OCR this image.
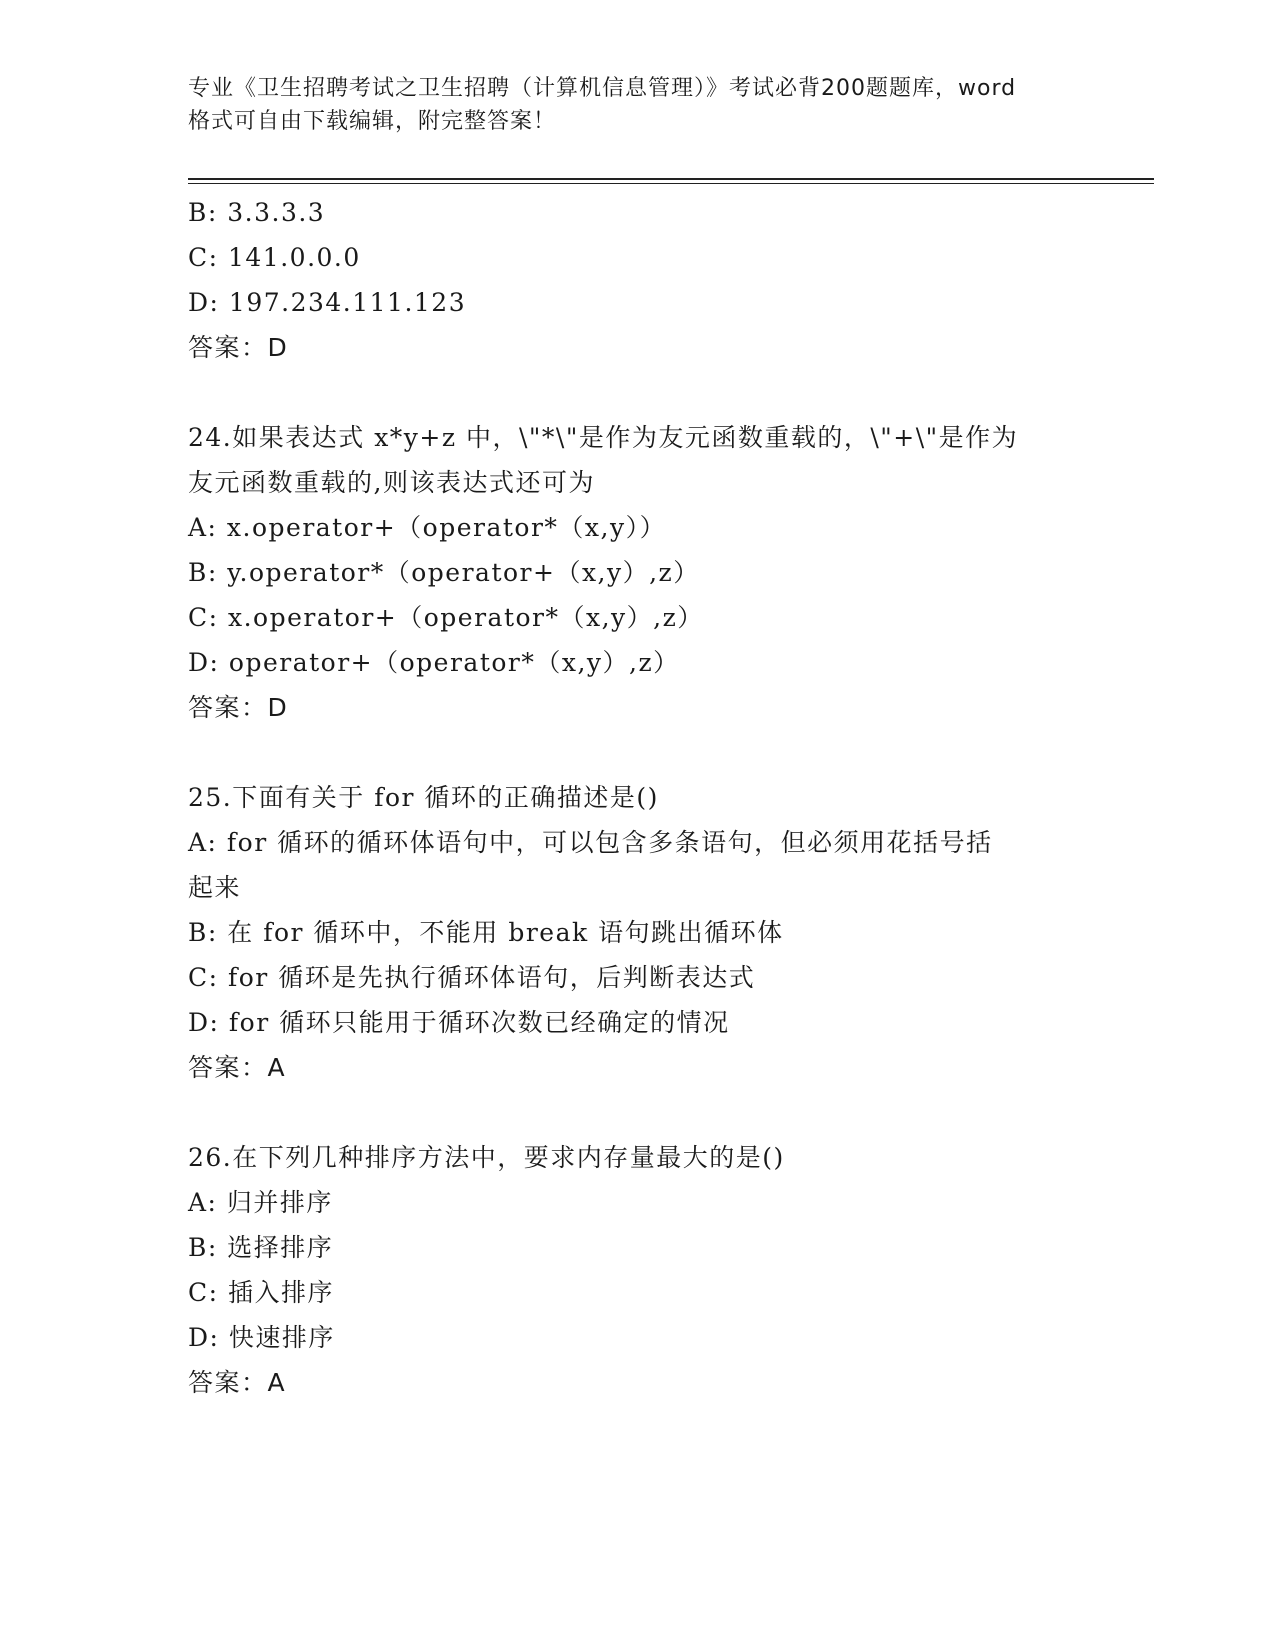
专业《卫生招聘考试之卫生招聘（计算机信息管理）》考试必背200题题库，word
格式可自由下载编辑，附完整答案！
B: 3.3.3.3
C: 141.0.0.0
D: 197.234.111.123
答案：D
24.如果表达式 x*y+z 中，\"*\"是作为友元函数重载的，\"+\"是作为
友元函数重载的,则该表达式还可为
A: x.operator+（operator*（x,y））
B: y.operator*（operator+（x,y）,z）
C: x.operator+（operator*（x,y）,z）
D: operator+（operator*（x,y）,z）
答案：D
25.下面有关于 for 循环的正确描述是()
A: for 循环的循环体语句中，可以包含多条语句，但必须用花括号括
起来
B: 在 for 循环中，不能用 break 语句跳出循环体
C: for 循环是先执行循环体语句，后判断表达式
D: for 循环只能用于循环次数已经确定的情况
答案：A
26.在下列几种排序方法中，要求内存量最大的是()
A: 归并排序
B: 选择排序
C: 插入排序
D: 快速排序
答案：A
